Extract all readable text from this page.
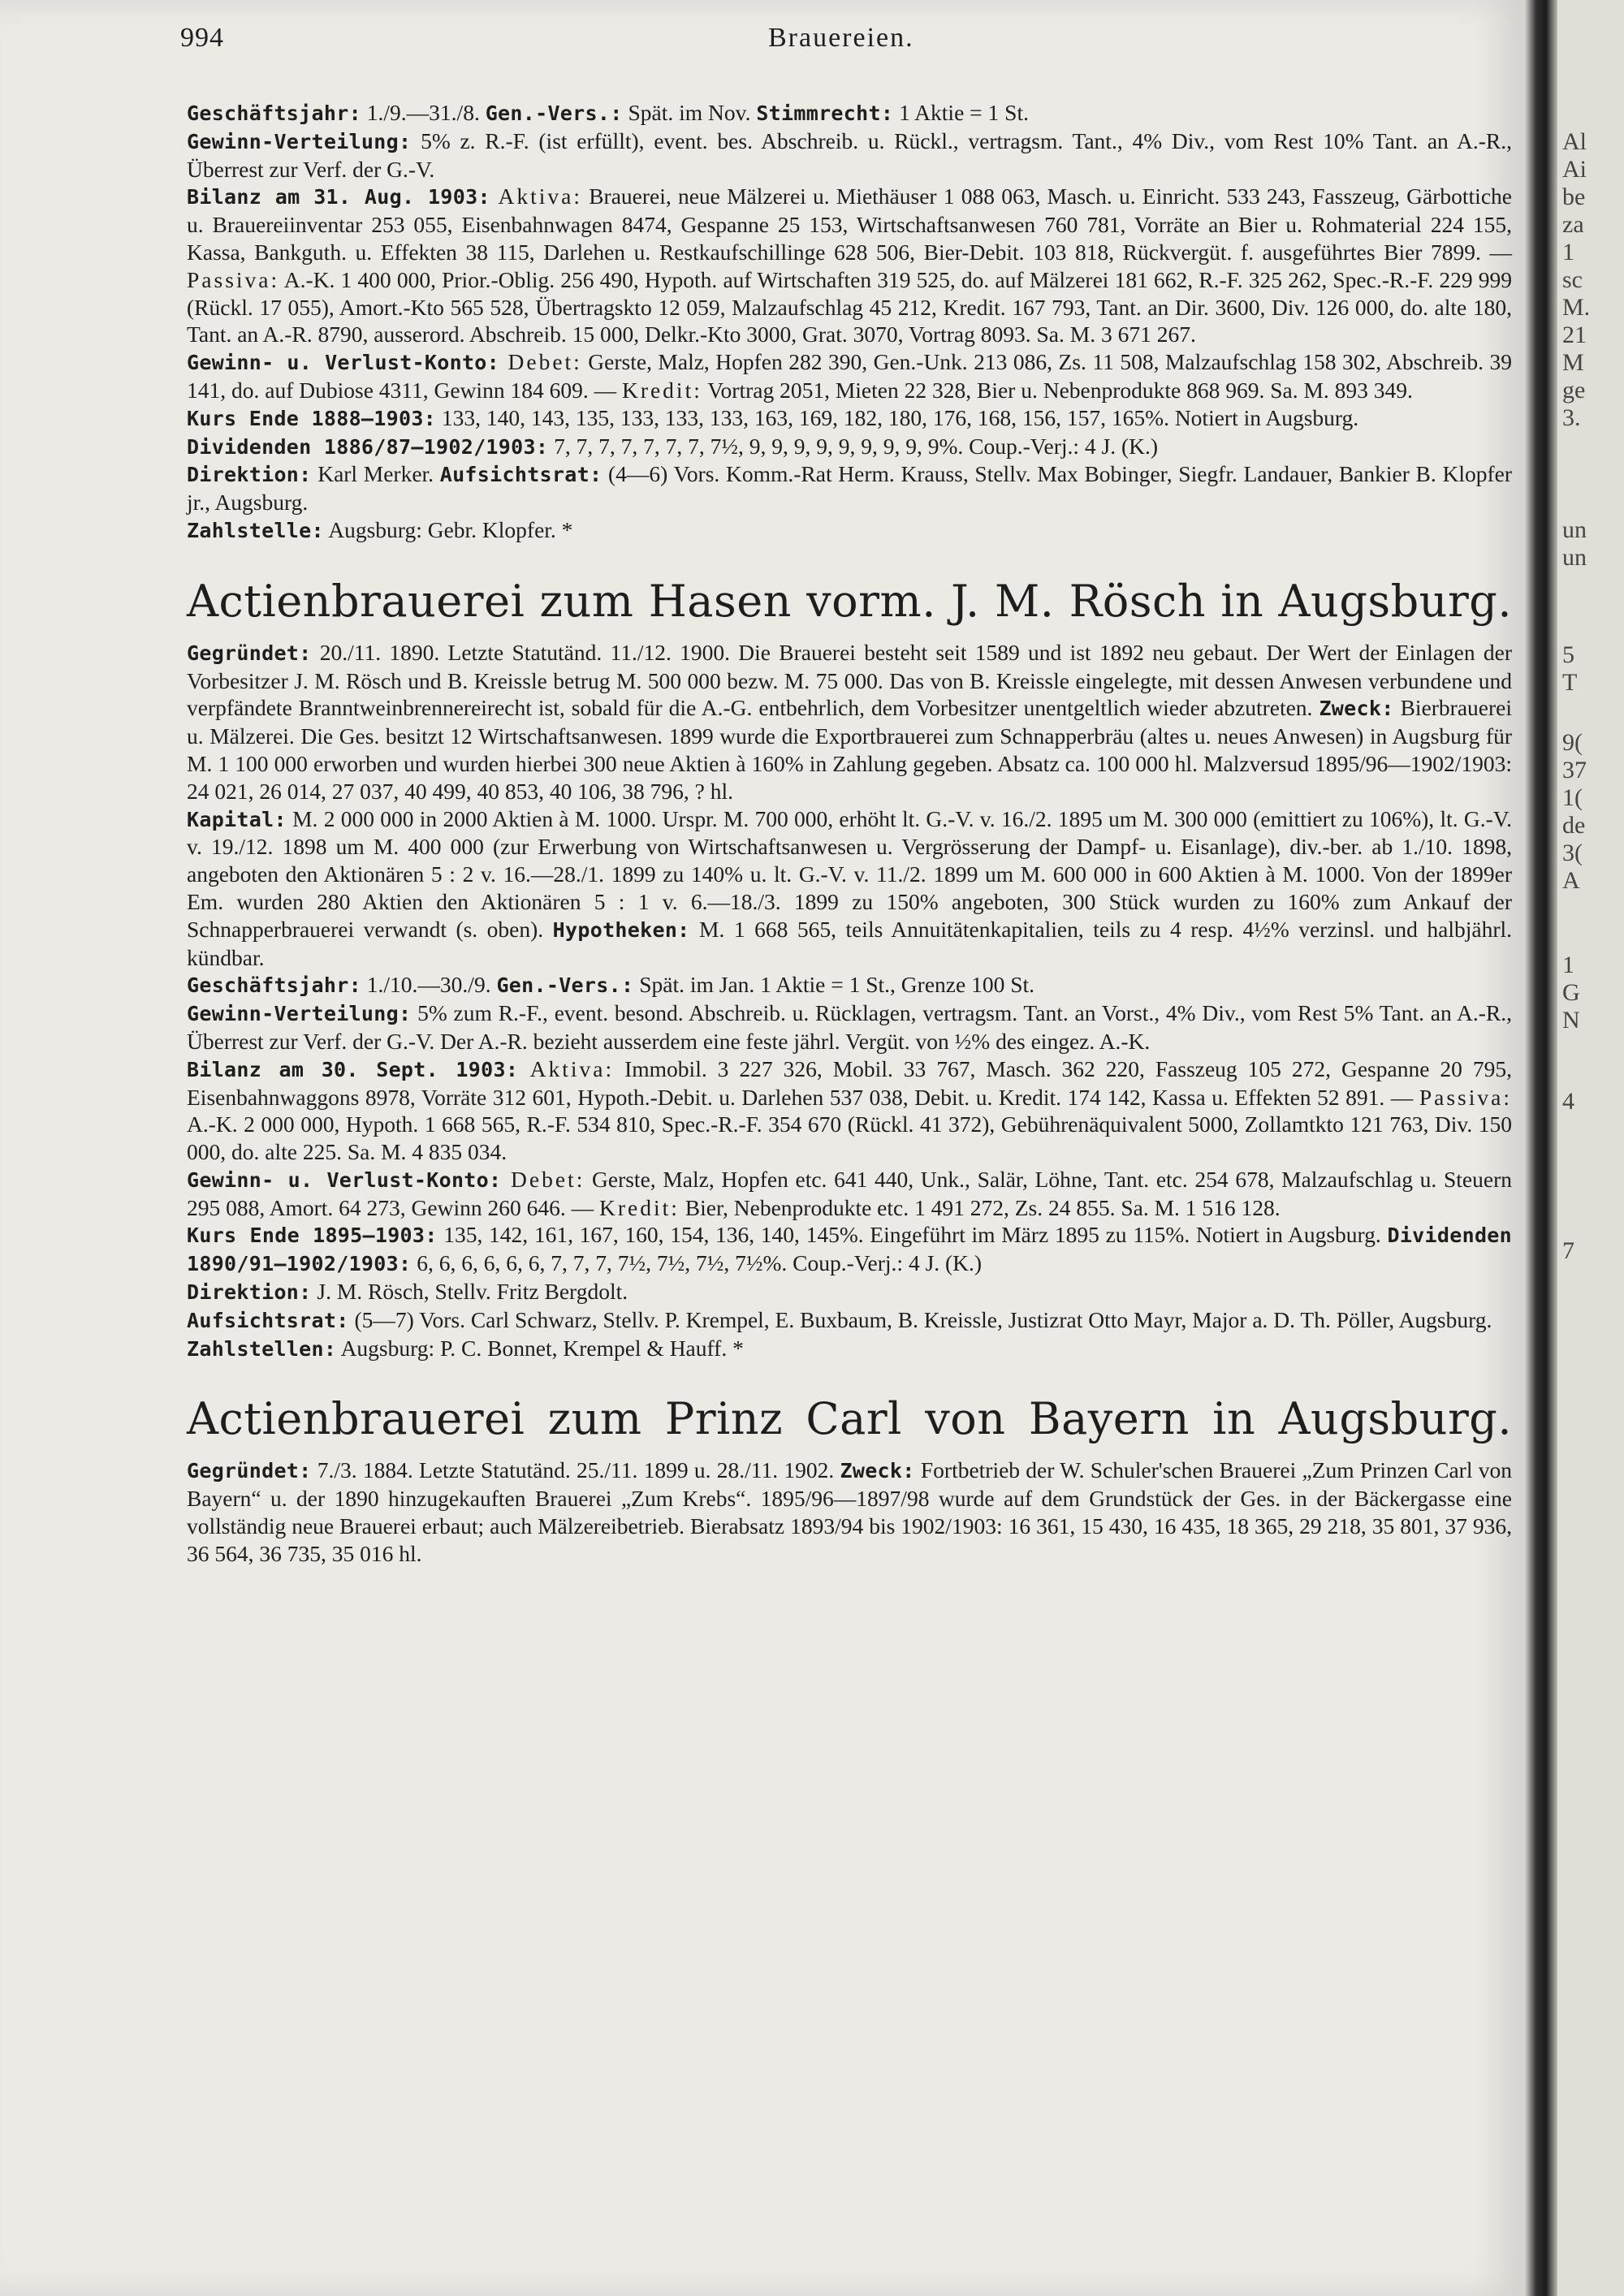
994	Brauereien.

Geschäftsjahr: 1./9.—31./8. Gen.-Vers.: Spät. im Nov. Stimmrecht: 1 Aktie = 1 St.

Gewinn-Verteilung: 5% z. R.-F. (ist erfüllt), event. bes. Abschreib. u. Rückl., vertragsm. Tant., 4% Div., vom Rest 10% Tant. an A.-R., Überrest zur Verf. der G.-V.

Bilanz am 31. Aug. 1903: Aktiva: Brauerei, neue Mälzerei u. Miethäuser 1 088 063, Masch. u. Einricht. 533 243, Fasszeug, Gärbottiche u. Brauereiinventar 253 055, Eisenbahnwagen 8474, Gespanne 25 153, Wirtschaftsanwesen 760 781, Vorräte an Bier u. Rohmaterial 224 155, Kassa, Bankguth. u. Effekten 38 115, Darlehen u. Restkaufschillinge 628 506, Bier-Debit. 103 818, Rückvergüt. f. ausgeführtes Bier 7899. — Passiva: A.-K. 1 400 000, Prior.-Oblig. 256 490, Hypoth. auf Wirtschaften 319 525, do. auf Mälzerei 181 662, R.-F. 325 262, Spec.-R.-F. 229 999 (Rückl. 17 055), Amort.-Kto 565 528, Übertragskto 12 059, Malzaufschlag 45 212, Kredit. 167 793, Tant. an Dir. 3600, Div. 126 000, do. alte 180, Tant. an A.-R. 8790, ausserord. Abschreib. 15 000, Delkr.-Kto 3000, Grat. 3070, Vortrag 8093. Sa. M. 3 671 267.

Gewinn- u. Verlust-Konto: Debet: Gerste, Malz, Hopfen 282 390, Gen.-Unk. 213 086, Zs. 11 508, Malzaufschlag 158 302, Abschreib. 39 141, do. auf Dubiose 4311, Gewinn 184 609. — Kredit: Vortrag 2051, Mieten 22 328, Bier u. Nebenprodukte 868 969. Sa. M. 893 349.

Kurs Ende 1888—1903: 133, 140, 143, 135, 133, 133, 133, 163, 169, 182, 180, 176, 168, 156, 157, 165%. Notiert in Augsburg.

Dividenden 1886/87—1902/1903: 7, 7, 7, 7, 7, 7, 7, 7½, 9, 9, 9, 9, 9, 9, 9, 9, 9%. Coup.-Verj.: 4 J. (K.)

Direktion: Karl Merker. Aufsichtsrat: (4—6) Vors. Komm.-Rat Herm. Krauss, Stellv. Max Bobinger, Siegfr. Landauer, Bankier B. Klopfer jr., Augsburg.

Zahlstelle: Augsburg: Gebr. Klopfer. *

Actienbrauerei zum Hasen vorm. J. M. Rösch in Augsburg.

Gegründet: 20./11. 1890. Letzte Statutänd. 11./12. 1900. Die Brauerei besteht seit 1589 und ist 1892 neu gebaut. Der Wert der Einlagen der Vorbesitzer J. M. Rösch und B. Kreissle betrug M. 500 000 bezw. M. 75 000. Das von B. Kreissle eingelegte, mit dessen Anwesen verbundene und verpfändete Branntweinbrennereirecht ist, sobald für die A.-G. entbehrlich, dem Vorbesitzer unentgeltlich wieder abzutreten. Zweck: Bierbrauerei u. Mälzerei. Die Ges. besitzt 12 Wirtschaftsanwesen. 1899 wurde die Exportbrauerei zum Schnapperbräu (altes u. neues Anwesen) in Augsburg für M. 1 100 000 erworben und wurden hierbei 300 neue Aktien à 160% in Zahlung gegeben. Absatz ca. 100 000 hl. Malzversud 1895/96—1902/1903: 24 021, 26 014, 27 037, 40 499, 40 853, 40 106, 38 796, ? hl.

Kapital: M. 2 000 000 in 2000 Aktien à M. 1000. Urspr. M. 700 000, erhöht lt. G.-V. v. 16./2. 1895 um M. 300 000 (emittiert zu 106%), lt. G.-V. v. 19./12. 1898 um M. 400 000 (zur Erwerbung von Wirtschaftsanwesen u. Vergrösserung der Dampf- u. Eisanlage), div.-ber. ab 1./10. 1898, angeboten den Aktionären 5 : 2 v. 16.—28./1. 1899 zu 140% u. lt. G.-V. v. 11./2. 1899 um M. 600 000 in 600 Aktien à M. 1000. Von der 1899er Em. wurden 280 Aktien den Aktionären 5 : 1 v. 6.—18./3. 1899 zu 150% angeboten, 300 Stück wurden zu 160% zum Ankauf der Schnapperbrauerei verwandt (s. oben). Hypotheken: M. 1 668 565, teils Annuitätenkapitalien, teils zu 4 resp. 4½% verzinsl. und halbjährl. kündbar.

Geschäftsjahr: 1./10.—30./9. Gen.-Vers.: Spät. im Jan. 1 Aktie = 1 St., Grenze 100 St.

Gewinn-Verteilung: 5% zum R.-F., event. besond. Abschreib. u. Rücklagen, vertragsm. Tant. an Vorst., 4% Div., vom Rest 5% Tant. an A.-R., Überrest zur Verf. der G.-V. Der A.-R. bezieht ausserdem eine feste jährl. Vergüt. von ½% des eingez. A.-K.

Bilanz am 30. Sept. 1903: Aktiva: Immobil. 3 227 326, Mobil. 33 767, Masch. 362 220, Fasszeug 105 272, Gespanne 20 795, Eisenbahnwaggons 8978, Vorräte 312 601, Hypoth.-Debit. u. Darlehen 537 038, Debit. u. Kredit. 174 142, Kassa u. Effekten 52 891. — Passiva: A.-K. 2 000 000, Hypoth. 1 668 565, R.-F. 534 810, Spec.-R.-F. 354 670 (Rückl. 41 372), Gebührenäquivalent 5000, Zollamtkto 121 763, Div. 150 000, do. alte 225. Sa. M. 4 835 034.

Gewinn- u. Verlust-Konto: Debet: Gerste, Malz, Hopfen etc. 641 440, Unk., Salär, Löhne, Tant. etc. 254 678, Malzaufschlag u. Steuern 295 088, Amort. 64 273, Gewinn 260 646. — Kredit: Bier, Nebenprodukte etc. 1 491 272, Zs. 24 855. Sa. M. 1 516 128.

Kurs Ende 1895—1903: 135, 142, 161, 167, 160, 154, 136, 140, 145%. Eingeführt im März 1895 zu 115%. Notiert in Augsburg. Dividenden 1890/91—1902/1903: 6, 6, 6, 6, 6, 6, 7, 7, 7, 7½, 7½, 7½, 7½%. Coup.-Verj.: 4 J. (K.)

Direktion: J. M. Rösch, Stellv. Fritz Bergdolt.

Aufsichtsrat: (5—7) Vors. Carl Schwarz, Stellv. P. Krempel, E. Buxbaum, B. Kreissle, Justizrat Otto Mayr, Major a. D. Th. Pöller, Augsburg.

Zahlstellen: Augsburg: P. C. Bonnet, Krempel & Hauff. *

Actienbrauerei zum Prinz Carl von Bayern in Augsburg.

Gegründet: 7./3. 1884. Letzte Statutänd. 25./11. 1899 u. 28./11. 1902. Zweck: Fortbetrieb der W. Schuler'schen Brauerei „Zum Prinzen Carl von Bayern“ u. der 1890 hinzugekauften Brauerei „Zum Krebs“. 1895/96—1897/98 wurde auf dem Grundstück der Ges. in der Bäckergasse eine vollständig neue Brauerei erbaut; auch Mälzereibetrieb. Bierabsatz 1893/94 bis 1902/1903: 16 361, 15 430, 16 435, 18 365, 29 218, 35 801, 37 936, 36 564, 36 735, 35 016 hl.

Al
Ai
be
za
1
sc
M.
21
M
ge
3.
un
un
5
T
9(
37
1(
de
3(
A
1
G
N
4
7
